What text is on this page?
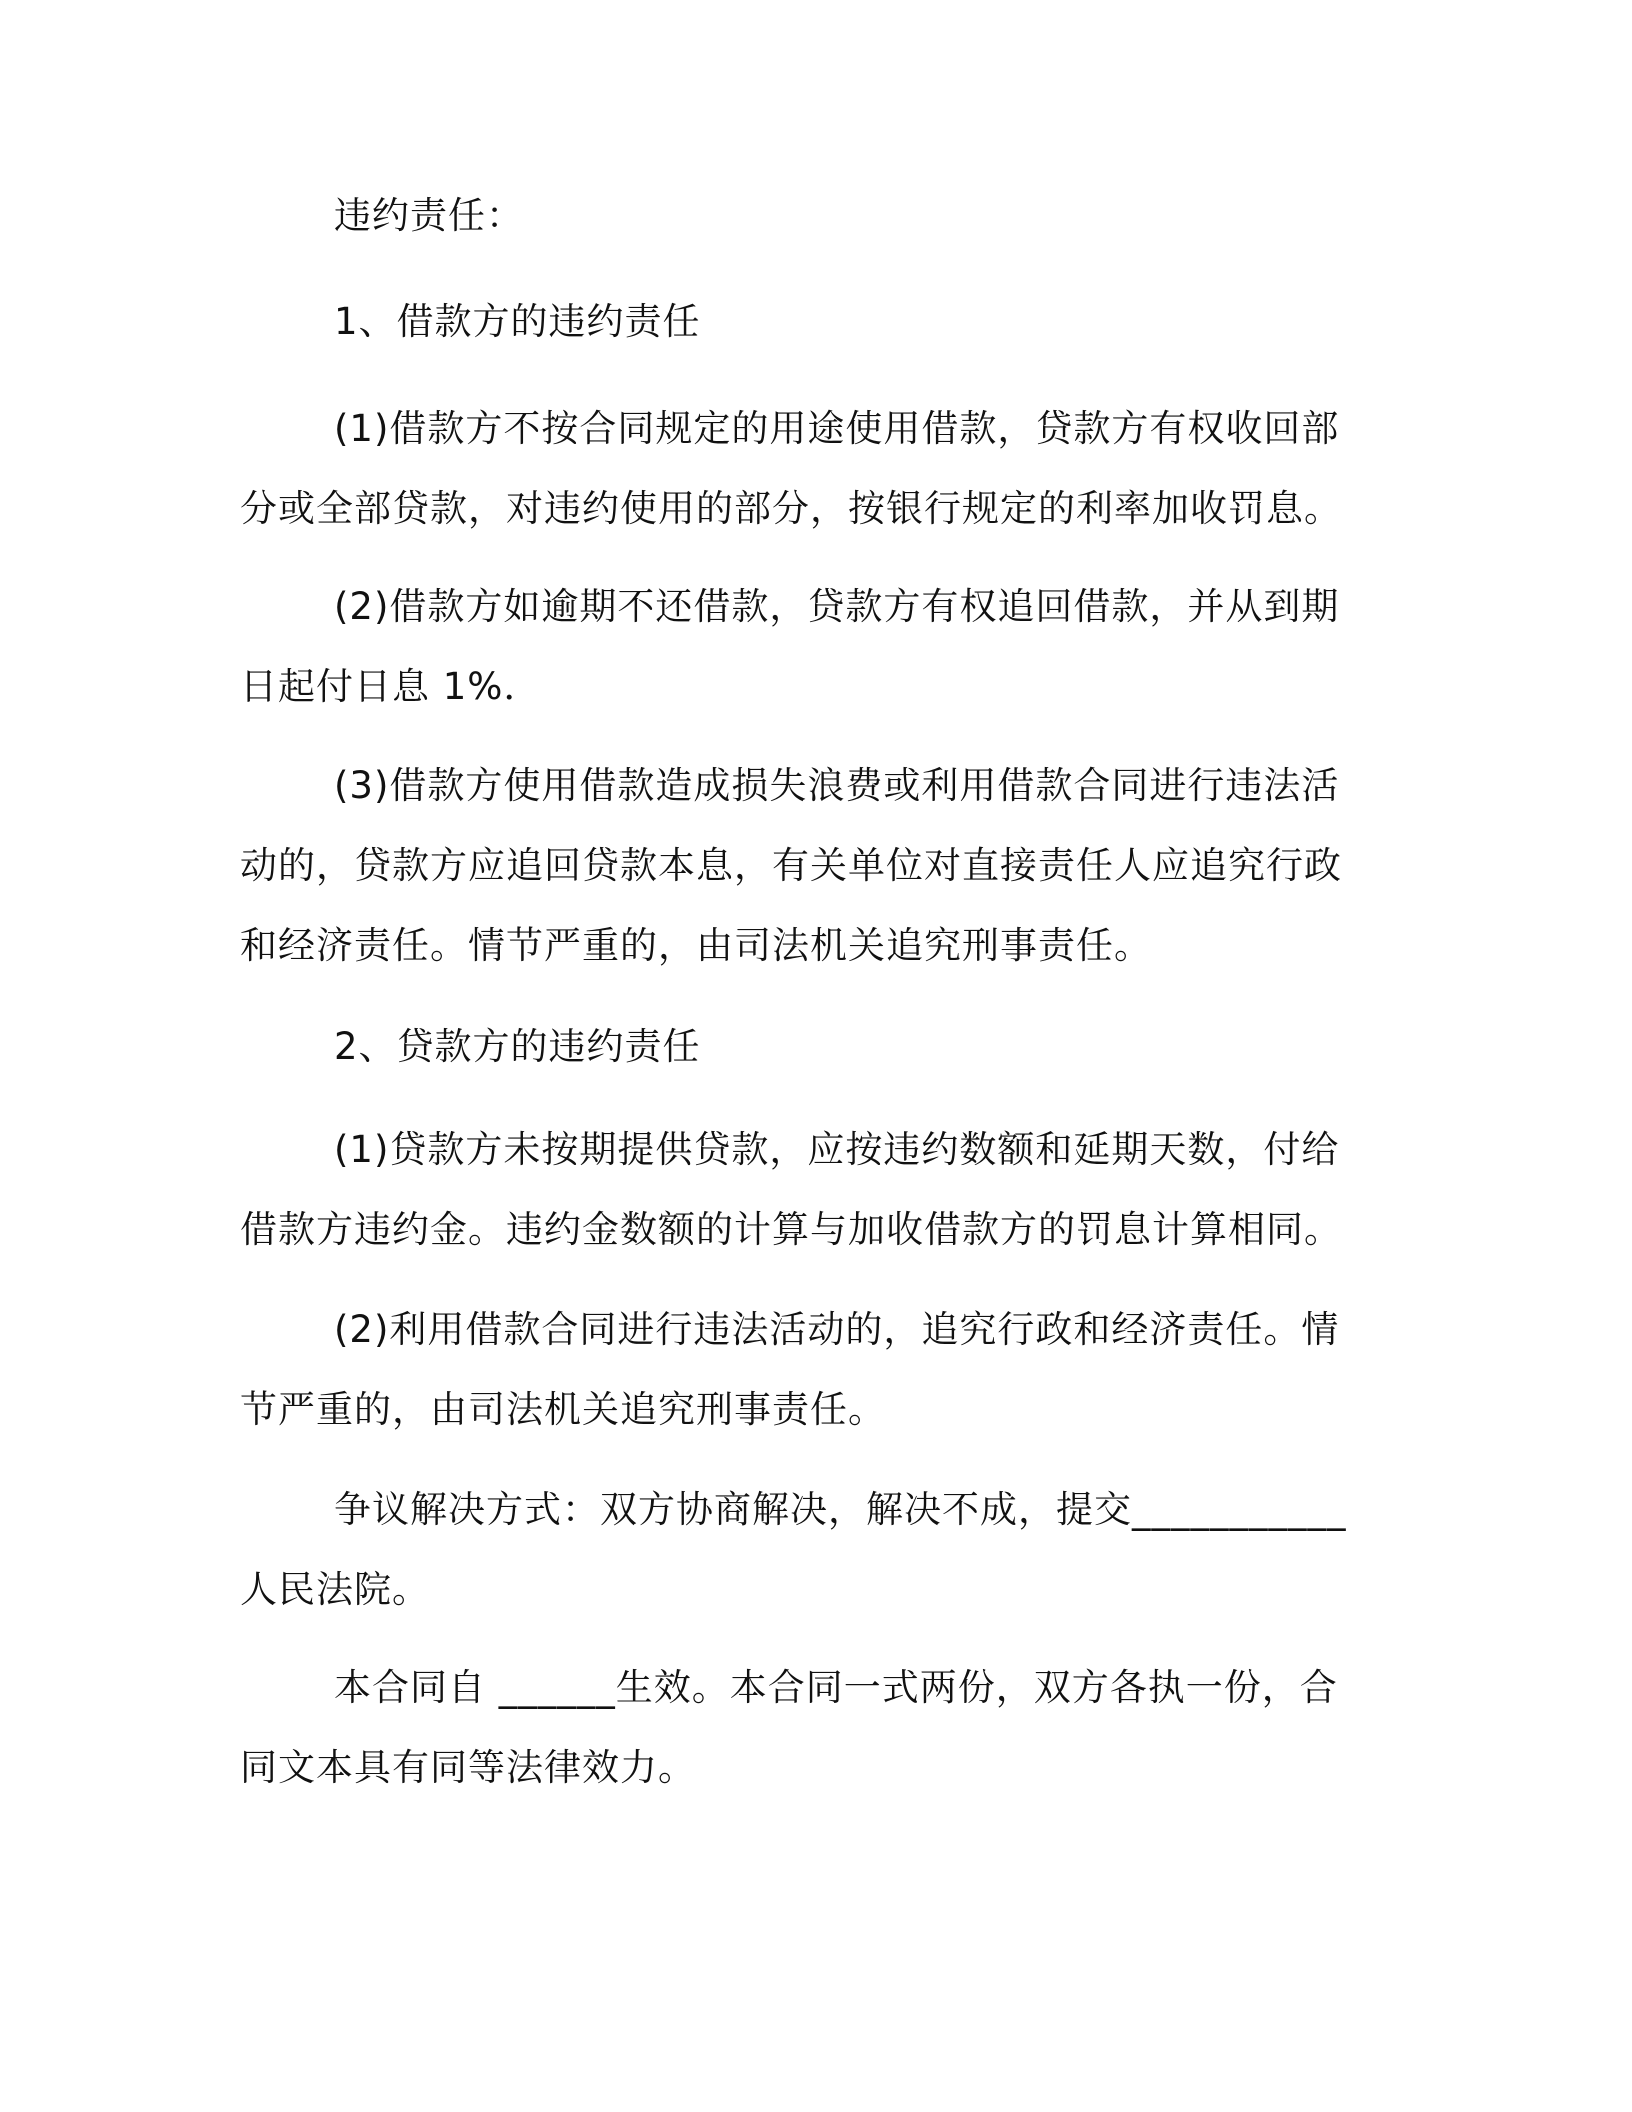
违约责任：
1、借款方的违约责任
(1)借款方不按合同规定的用途使用借款，贷款方有权收回部分或全部贷款，对违约使用的部分，按银行规定的利率加收罚息。
(2)借款方如逾期不还借款，贷款方有权追回借款，并从到期日起付日息 1%．
(3)借款方使用借款造成损失浪费或利用借款合同进行违法活动的，贷款方应追回贷款本息，有关单位对直接责任人应追究行政和经济责任。情节严重的，由司法机关追究刑事责任。
2、贷款方的违约责任
(1)贷款方未按期提供贷款，应按违约数额和延期天数，付给借款方违约金。违约金数额的计算与加收借款方的罚息计算相同。
(2)利用借款合同进行违法活动的，追究行政和经济责任。情节严重的，由司法机关追究刑事责任。
争议解决方式：双方协商解决，解决不成，提交___________人民法院。
本合同自 ______生效。本合同一式两份，双方各执一份，合同文本具有同等法律效力。
